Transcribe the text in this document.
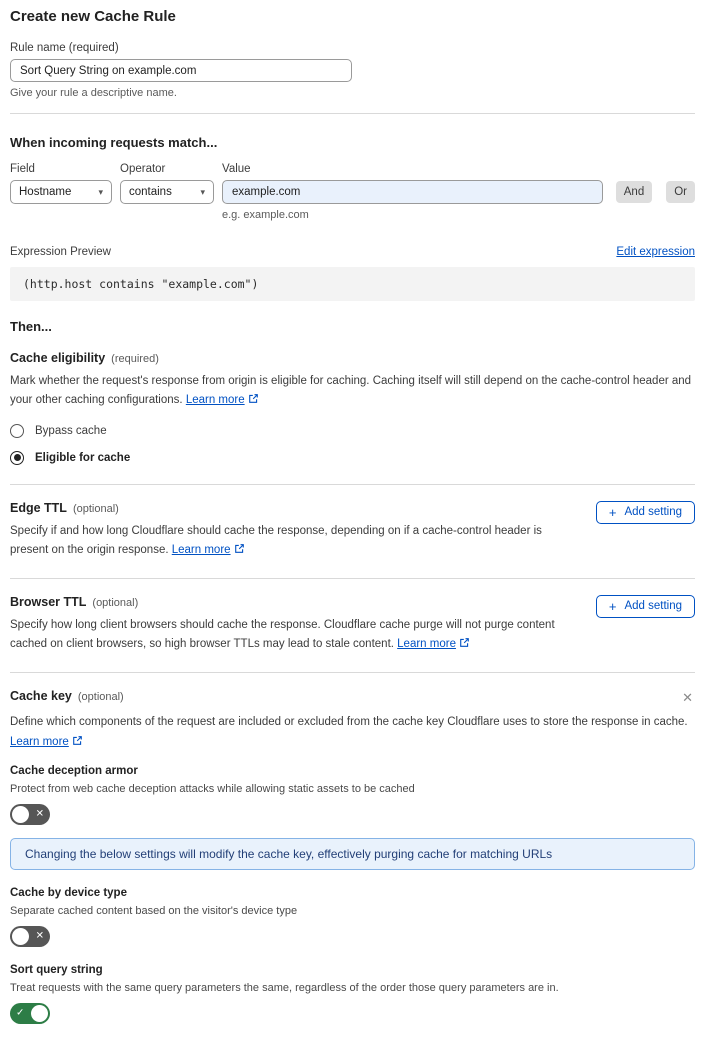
Create new Cache Rule
Rule name (required)
Sort Query String on example.com
Give your rule a descriptive name.
When incoming requests match...
Field
Hostname	▾
Operator
contains	▾
Value
example.com
And	Or
e.g. example.com
Expression Preview	Edit expression
(http.host contains "example.com")
Then...
Cache eligibility (required)
Mark whether the request's response from origin is eligible for caching. Caching itself will still depend on the cache-control header and your other caching configurations. Learn more
Bypass cache
Eligible for cache
Edge TTL (optional)
Specify if and how long Cloudflare should cache the response, depending on if a cache-control header is present on the origin response. Learn more
+ Add setting
Browser TTL (optional)
Specify how long client browsers should cache the response. Cloudflare cache purge will not purge content cached on client browsers, so high browser TTLs may lead to stale content. Learn more
+ Add setting
Cache key (optional)	✕
Define which components of the request are included or excluded from the cache key Cloudflare uses to store the response in cache.
Learn more
Cache deception armor
Protect from web cache deception attacks while allowing static assets to be cached
✕
Changing the below settings will modify the cache key, effectively purging cache for matching URLs
Cache by device type
Separate cached content based on the visitor's device type
✕
Sort query string
Treat requests with the same query parameters the same, regardless of the order those query parameters are in.
✓
